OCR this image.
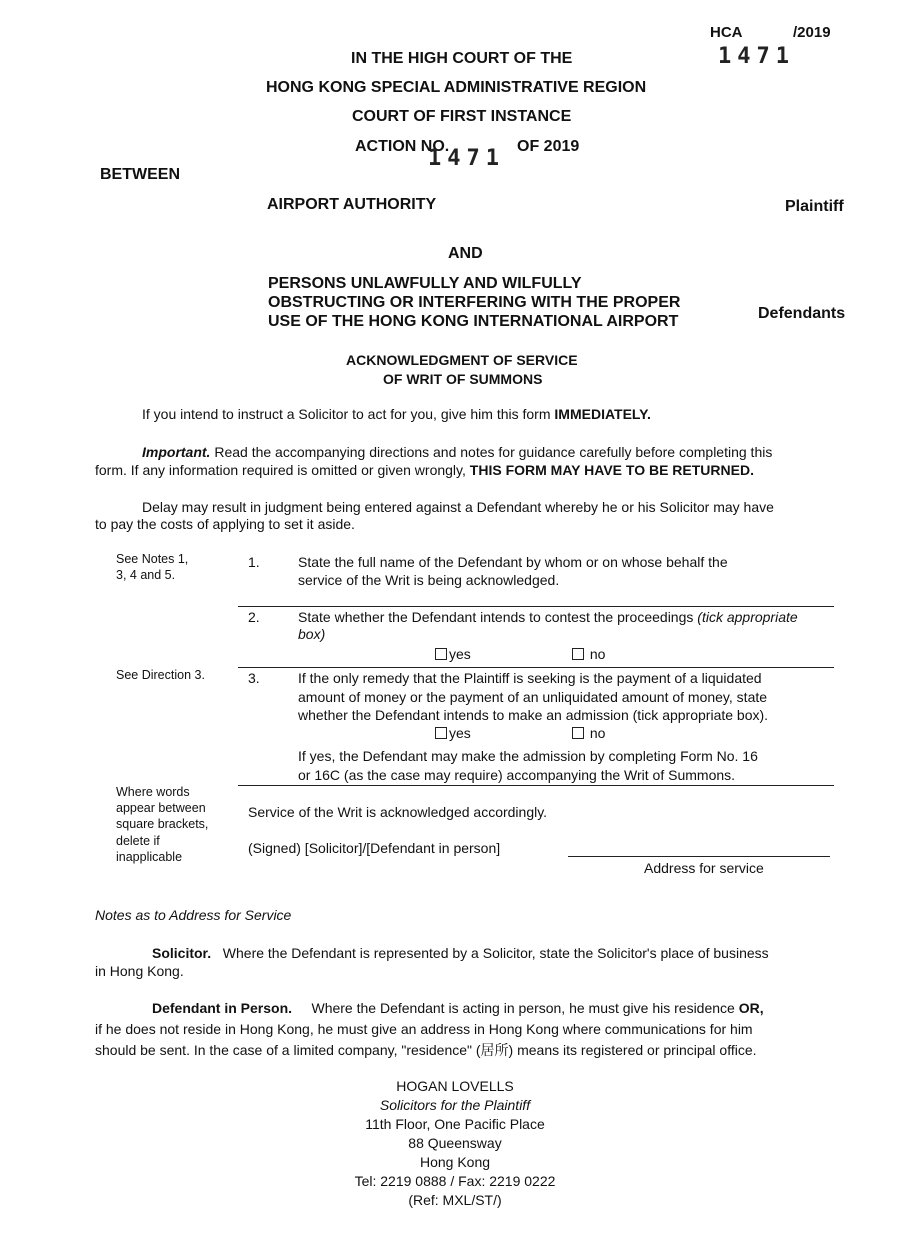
HCA	/2019
1471
IN THE HIGH COURT OF THE
HONG KONG SPECIAL ADMINISTRATIVE REGION
COURT OF FIRST INSTANCE
ACTION NO.
1471 OF 2019
BETWEEN
AIRPORT AUTHORITY	Plaintiff
AND
PERSONS UNLAWFULLY AND WILFULLY
OBSTRUCTING OR INTERFERING WITH THE PROPER
USE OF THE HONG KONG INTERNATIONAL AIRPORT	Defendants
ACKNOWLEDGMENT OF SERVICE
OF WRIT OF SUMMONS
If you intend to instruct a Solicitor to act for you, give him this form IMMEDIATELY.
Important. Read the accompanying directions and notes for guidance carefully before completing this
form. If any information required is omitted or given wrongly, THIS FORM MAY HAVE TO BE RETURNED.
Delay may result in judgment being entered against a Defendant whereby he or his Solicitor may have
to pay the costs of applying to set it aside.
See Notes 1,
3, 4 and 5.
1.	State the full name of the Defendant by whom or on whose behalf the
service of the Writ is being acknowledged.
2.	State whether the Defendant intends to contest the proceedings (tick appropriate
box)
yes	no
See Direction 3.	3.	If the only remedy that the Plaintiff is seeking is the payment of a liquidated
amount of money or the payment of an unliquidated amount of money, state
whether the Defendant intends to make an admission (tick appropriate box).
yes	no
If yes, the Defendant may make the admission by completing Form No. 16
or 16C (as the case may require) accompanying the Writ of Summons.
Where words
appear between
square brackets,
delete if
inapplicable
Service of the Writ is acknowledged accordingly.
(Signed) [Solicitor]/[Defendant in person]
Address for service
Notes as to Address for Service
Solicitor. Where the Defendant is represented by a Solicitor, state the Solicitor's place of business
in Hong Kong.
Defendant in Person. Where the Defendant is acting in person, he must give his residence OR,
if he does not reside in Hong Kong, he must give an address in Hong Kong where communications for him
should be sent. In the case of a limited company, "residence" (居所) means its registered or principal office.
HOGAN LOVELLS
Solicitors for the Plaintiff
11th Floor, One Pacific Place
88 Queensway
Hong Kong
Tel: 2219 0888 / Fax: 2219 0222
(Ref: MXL/ST/)
